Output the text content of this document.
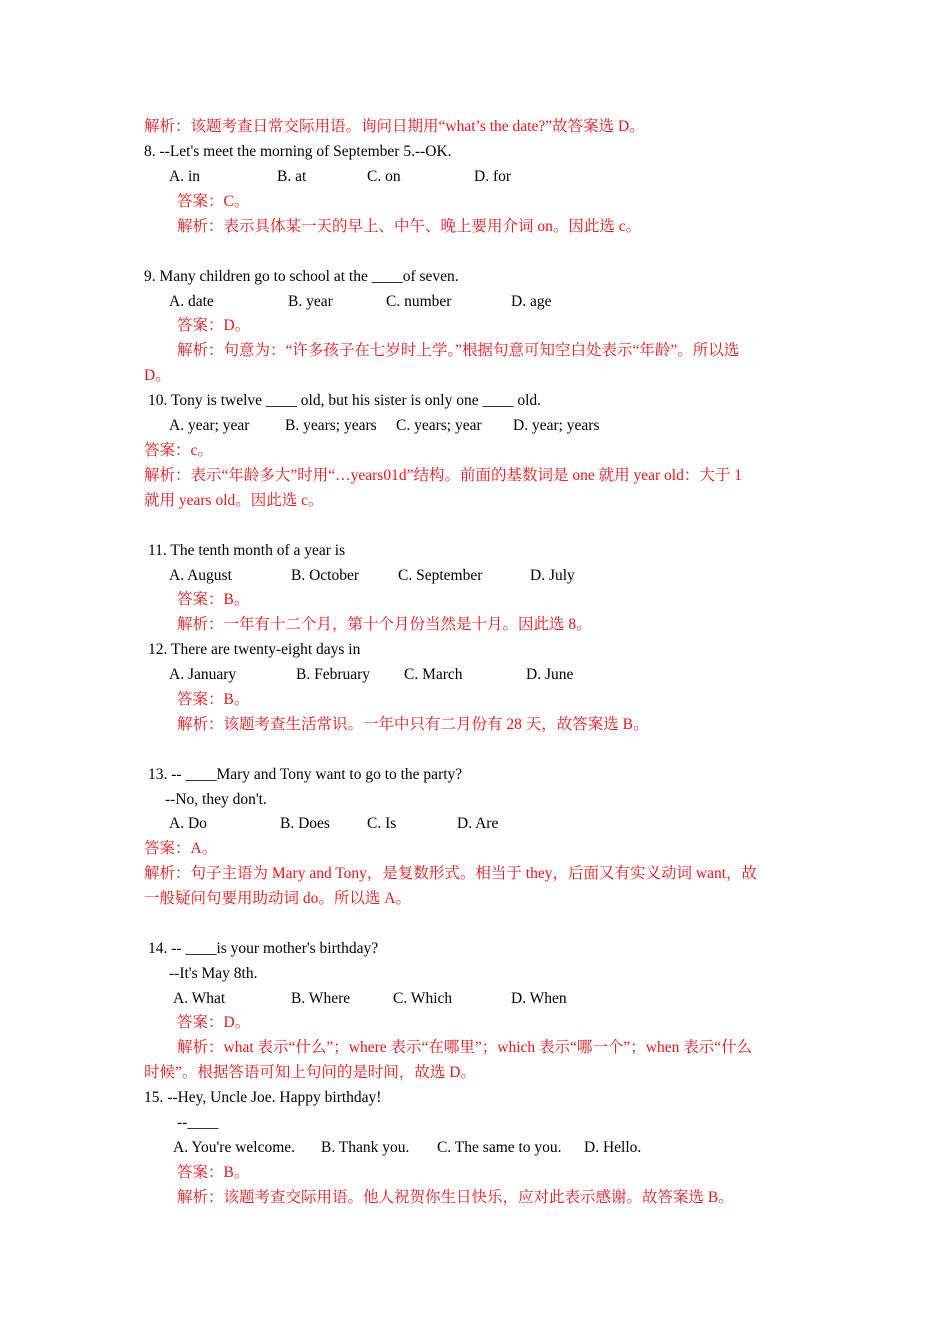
解析：该题考查日常交际用语。询问日期用“what’s the date?”故答案选 D。
8. --Let's meet the morning of September 5.--OK.
A. in	B. at	C. on	D. for
答案：C。
解析：表示具体某一天的早上、中午、晚上要用介词 on。因此选 c。
9. Many children go to school at the ____of seven.
A. date	B. year	C. number	D. age
答案：D。
解析：句意为：“许多孩子在七岁时上学。”根据句意可知空白处表示“年龄”。所以选
D。
10. Tony is twelve ____ old, but his sister is only one ____ old.
A. year; year B. years; years C. years; year D. year; years
答案：c。
解析：表示“年龄多大”时用“…years01d”结构。前面的基数词是 one 就用 year old：大于 1
就用 years old。因此选 c。
11. The tenth month of a year is
A. August	B. October	C. September	D. July
答案：B。
解析：一年有十二个月，第十个月份当然是十月。因此选 8。
12. There are twenty-eight days in
A. January	B. February C. March	D. June
答案：B。
解析：该题考查生活常识。一年中只有二月份有 28 天，故答案选 B。
13. -- ____Mary and Tony want to go to the party?
--No, they don't.
A. Do	B. Does C. Is	D. Are
答案：A。
解析：句子主语为 Mary and Tony，是复数形式。相当于 they，后面又有实义动词 want，故
一般疑问句要用助动词 do。所以选 A。
14. -- ____is your mother's birthday?
--It's May 8th.
A. What	B. Where	C. Which	D. When
答案：D。
解析：what 表示“什么”；where 表示“在哪里”；which 表示“哪一个”；when 表示“什么
时候”。根据答语可知上句问的是时间，故选 D。
15. --Hey, Uncle Joe. Happy birthday!
--____
A. You're welcome. B. Thank you. C. The same to you. D. Hello.
答案：B。
解析：该题考查交际用语。他人祝贺你生日快乐，应对此表示感谢。故答案选 B。
